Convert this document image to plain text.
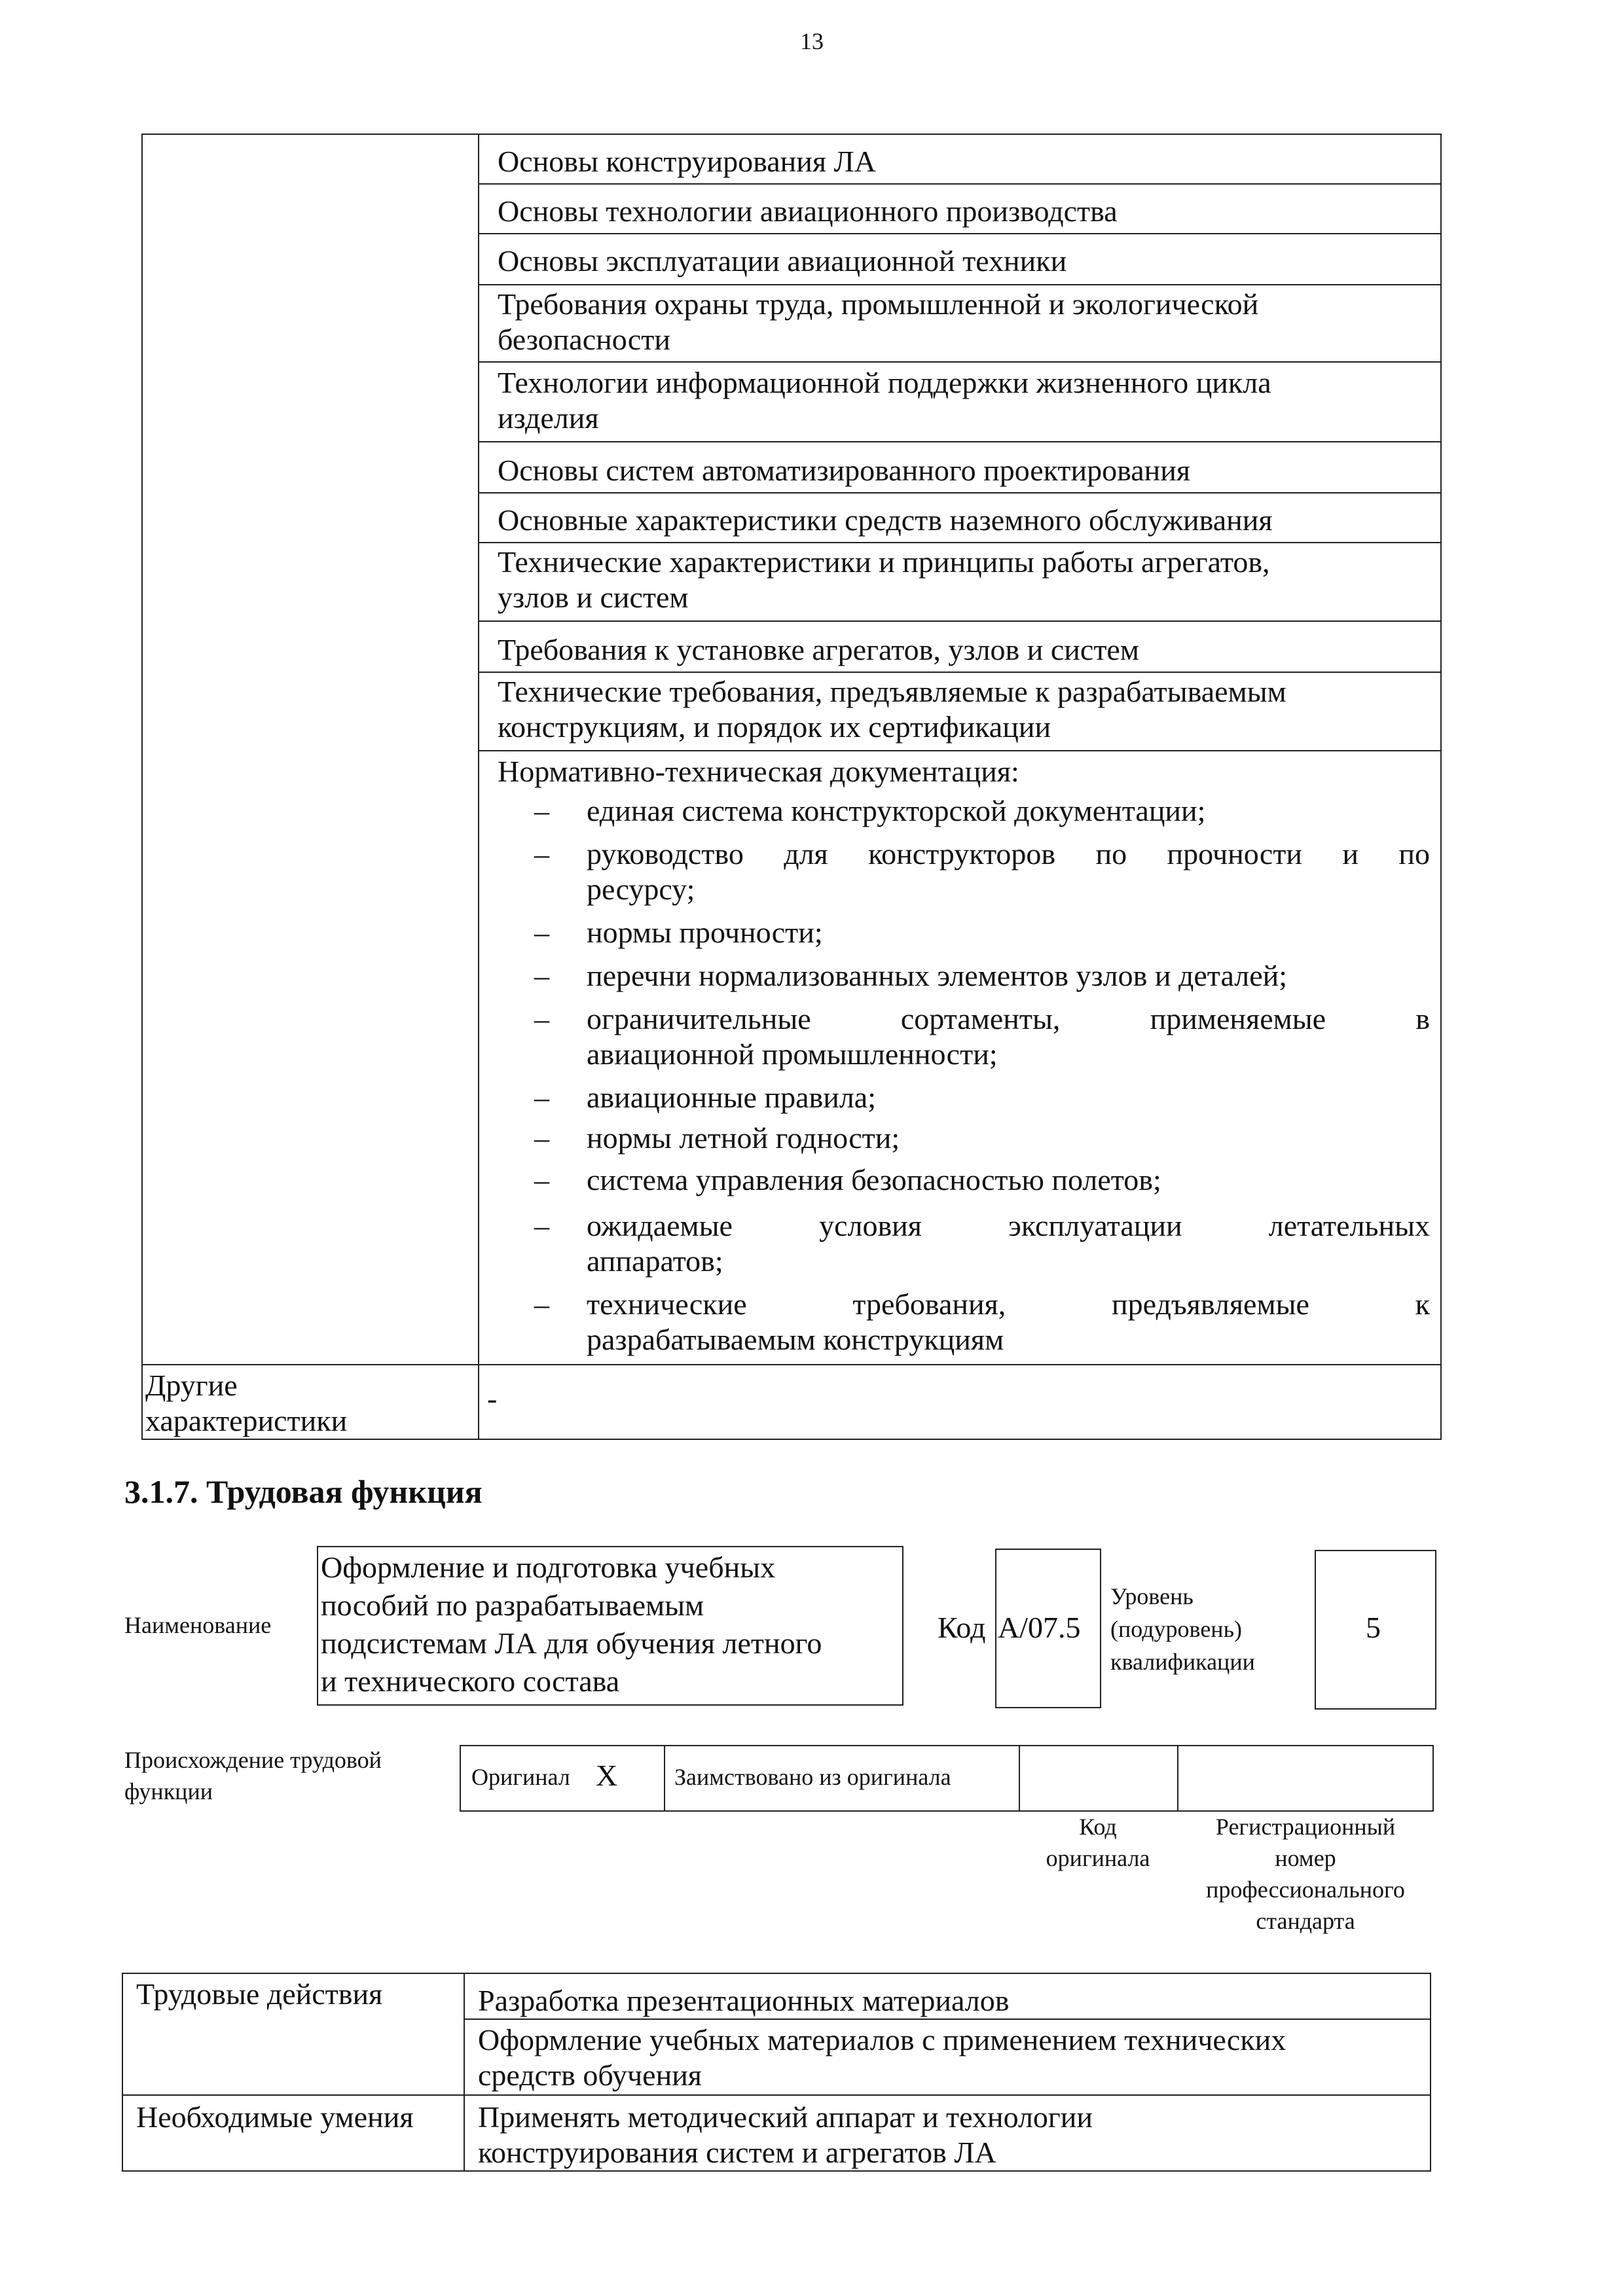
13
Основы конструирования ЛА
Основы технологии авиационного производства
Основы эксплуатации авиационной техники
Требования охраны труда, промышленной и экологической
безопасности
Технологии информационной поддержки жизненного цикла
изделия
Основы систем автоматизированного проектирования
Основные характеристики средств наземного обслуживания
Технические характеристики и принципы работы агрегатов,
узлов и систем
Требования к установке агрегатов, узлов и систем
Технические требования, предъявляемые к разрабатываемым
конструкциям, и порядок их сертификации
Нормативно-техническая документация:
– единая система конструкторской документации;
– руководство для конструкторов по прочности и по
ресурсу;
– нормы прочности;
– перечни нормализованных элементов узлов и деталей;
– ограничительные сортаменты, применяемые в
авиационной промышленности;
– авиационные правила;
– нормы летной годности;
– система управления безопасностью полетов;
– ожидаемые условия эксплуатации летательных
аппаратов;
– технические требования, предъявляемые к
разрабатываемым конструкциям
Другие
характеристики
-
3.1.7. Трудовая функция
Наименование
Оформление и подготовка учебных
пособий по разрабатываемым
подсистемам ЛА для обучения летного
и технического состава
Код A/07.5
Уровень
(подуровень)
квалификации
5
Происхождение трудовой
функции
Оригинал X Заимствовано из оригинала
Код
оригинала
Регистрационный
номер
профессионального
стандарта
Трудовые действия	Разработка презентационных материалов
Оформление учебных материалов с применением технических
средств обучения
Необходимые умения Применять методический аппарат и технологии
конструирования систем и агрегатов ЛА
